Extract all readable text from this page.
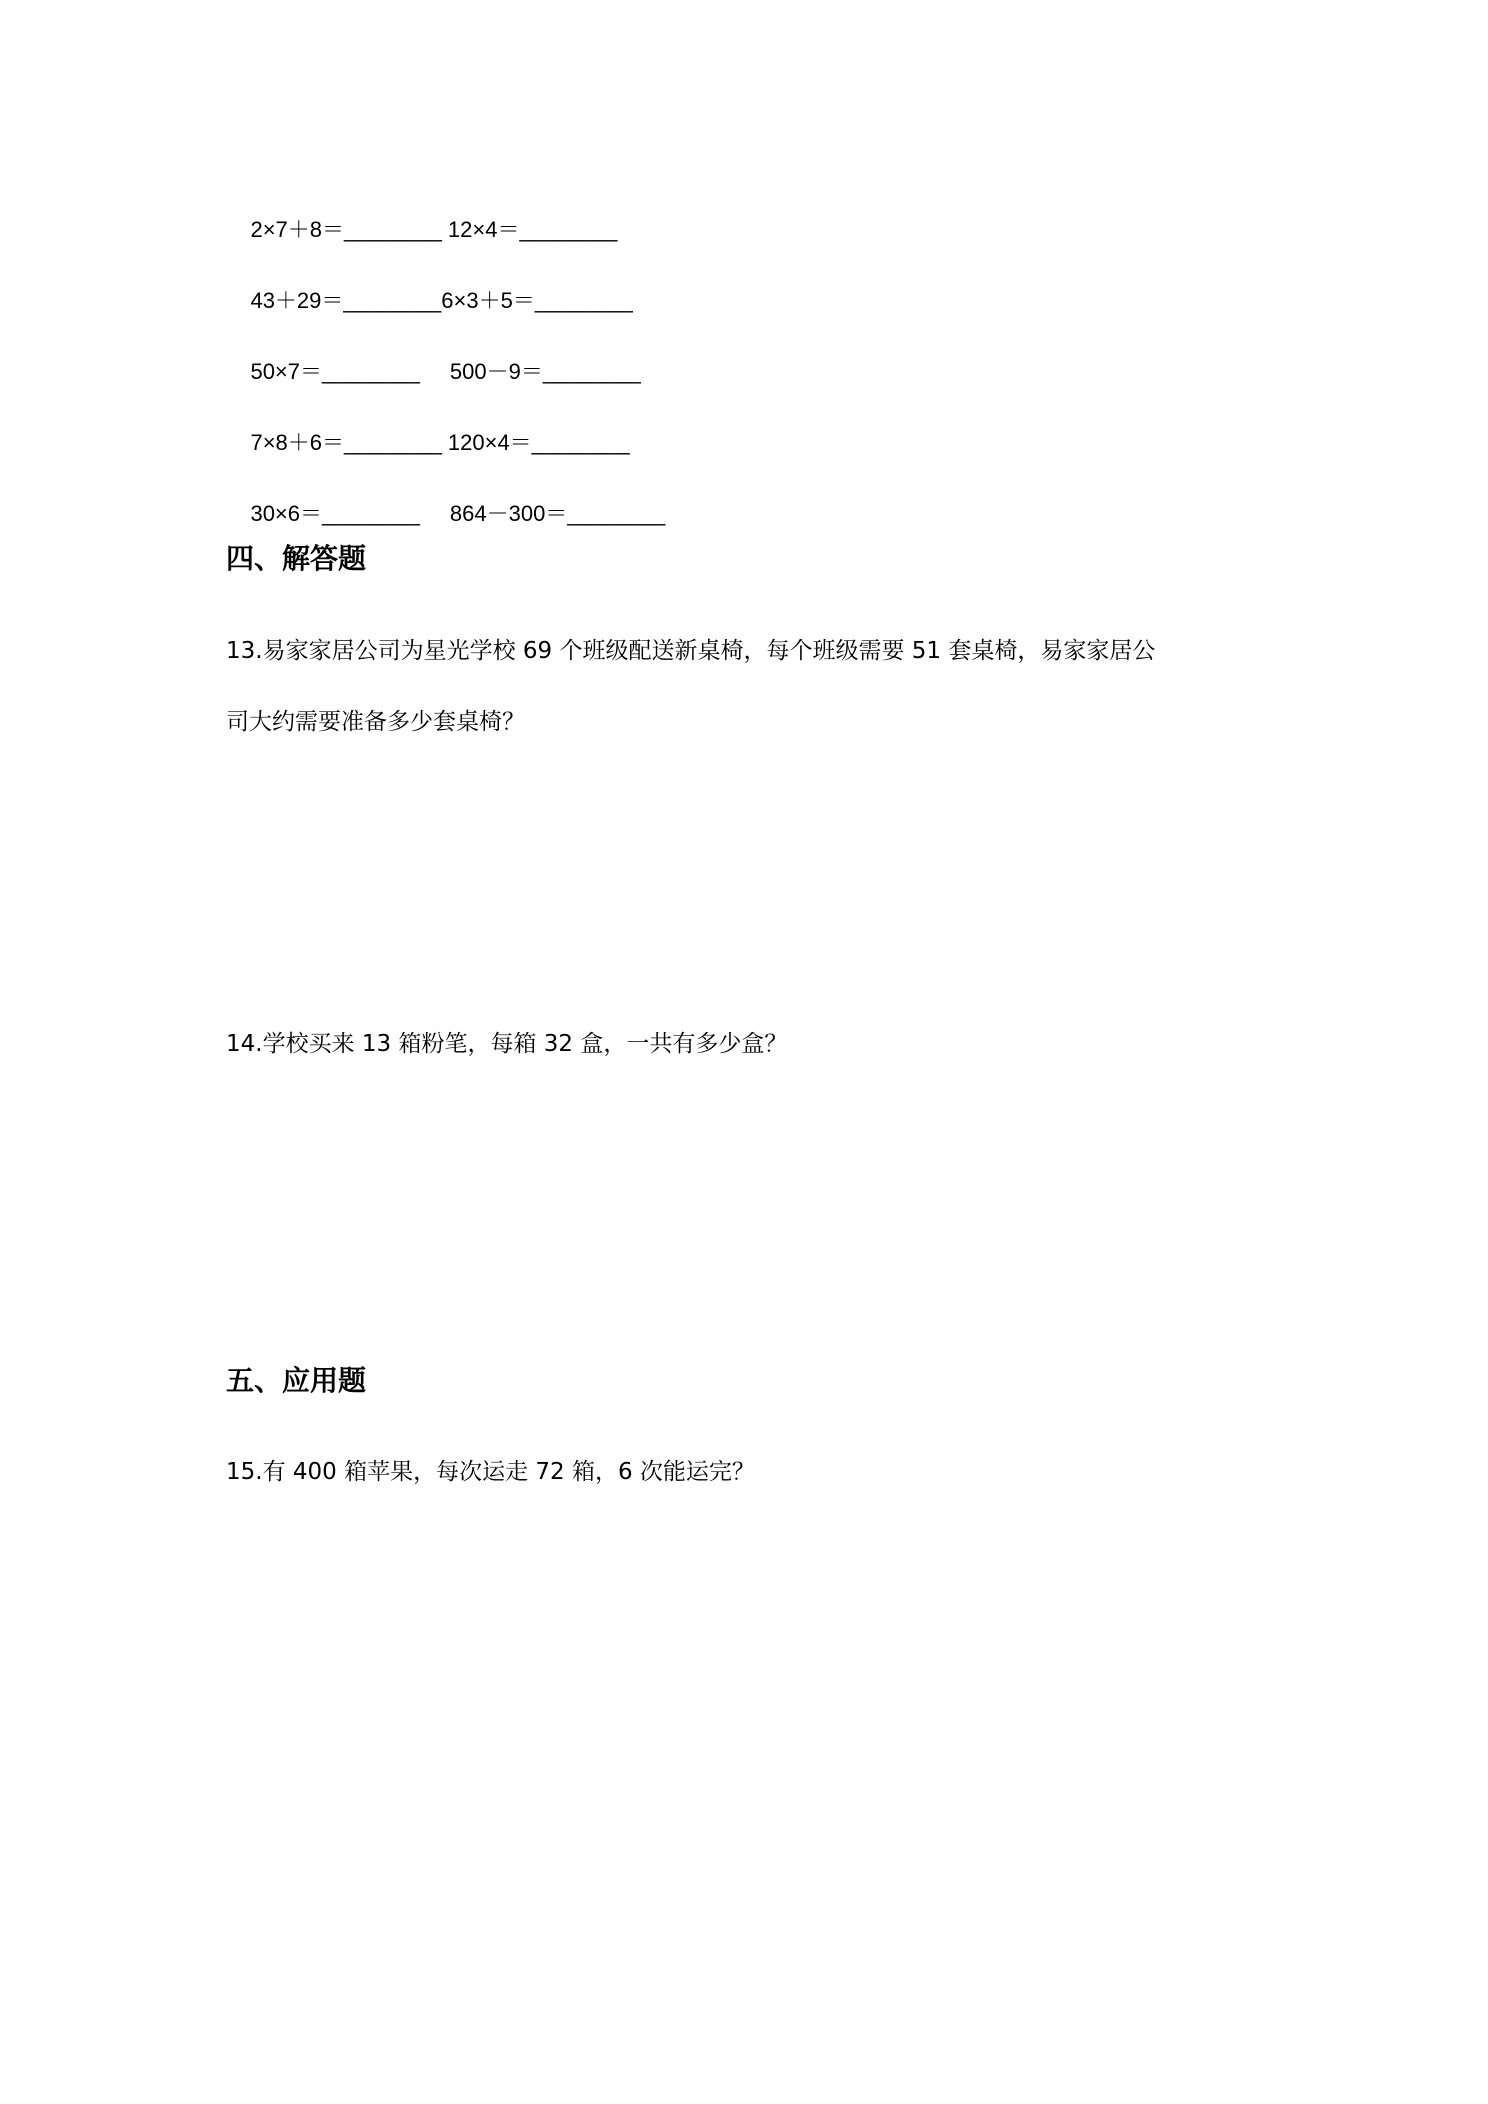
2×7＋8＝________ 12×4＝________

43＋29＝________6×3＋5＝________

50×7＝________ 500－9＝________

7×8＋6＝________ 120×4＝________

30×6＝________ 864－300＝________

四、解答题
13.易家家居公司为星光学校 69 个班级配送新桌椅，每个班级需要 51 套桌椅，易家家居公
司大约需要准备多少套桌椅？
14.学校买来 13 箱粉笔，每箱 32 盒，一共有多少盒？
五、应用题
15.有 400 箱苹果，每次运走 72 箱，6 次能运完？
